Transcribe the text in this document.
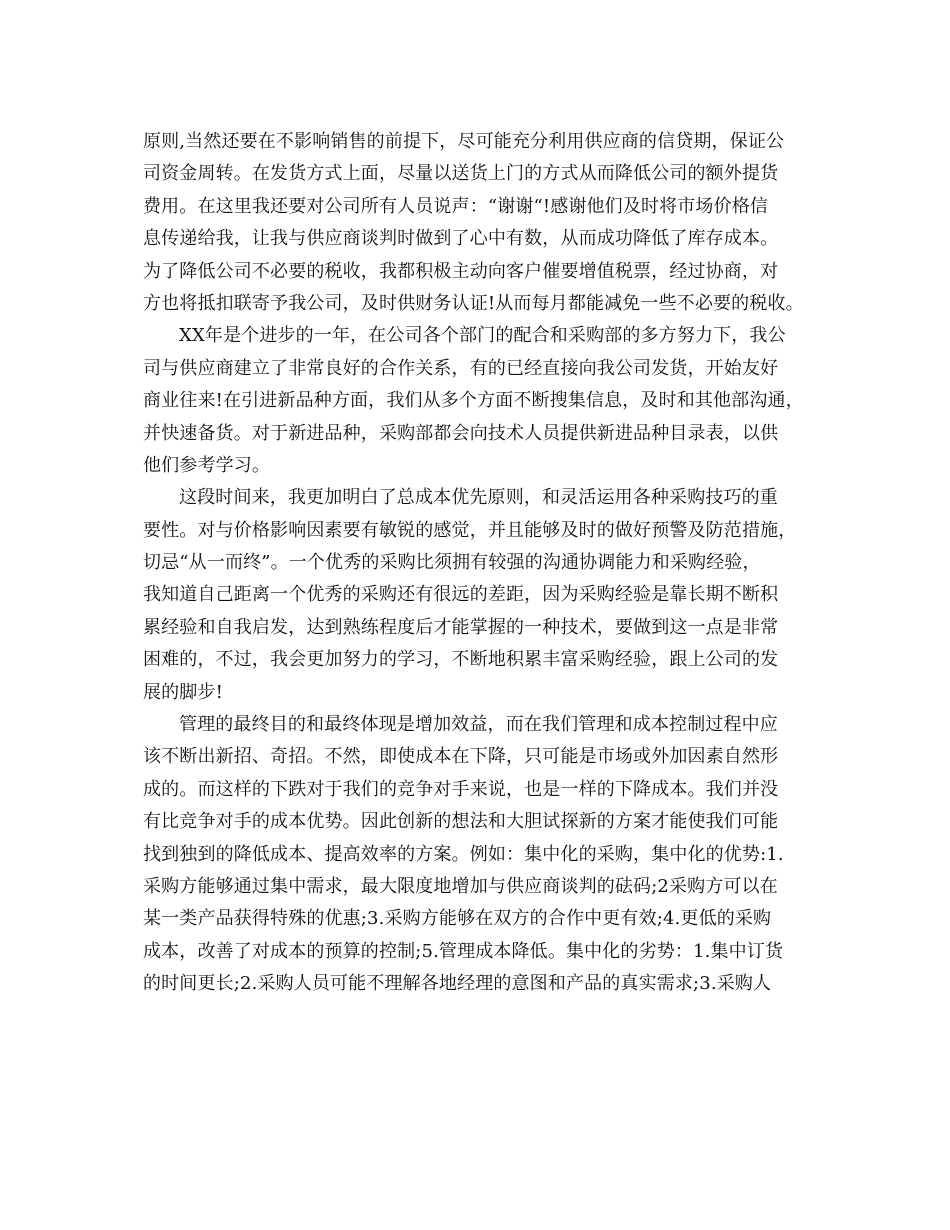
原则,当然还要在不影响销售的前提下，尽可能充分利用供应商的信贷期，保证公
司资金周转。在发货方式上面，尽量以送货上门的方式从而降低公司的额外提货
费用。在这里我还要对公司所有人员说声：“谢谢“!感谢他们及时将市场价格信
息传递给我，让我与供应商谈判时做到了心中有数，从而成功降低了库存成本。
为了降低公司不必要的税收，我都积极主动向客户催要增值税票，经过协商，对
方也将抵扣联寄予我公司，及时供财务认证!从而每月都能减免一些不必要的税收。
XX年是个进步的一年，在公司各个部门的配合和采购部的多方努力下，我公
司与供应商建立了非常良好的合作关系，有的已经直接向我公司发货，开始友好
商业往来!在引进新品种方面，我们从多个方面不断搜集信息，及时和其他部沟通，
并快速备货。对于新进品种，采购部都会向技术人员提供新进品种目录表，以供
他们参考学习。
这段时间来，我更加明白了总成本优先原则，和灵活运用各种采购技巧的重
要性。对与价格影响因素要有敏锐的感觉，并且能够及时的做好预警及防范措施，
切忌“从一而终”。一个优秀的采购比须拥有较强的沟通协调能力和采购经验，
我知道自己距离一个优秀的采购还有很远的差距，因为采购经验是靠长期不断积
累经验和自我启发，达到熟练程度后才能掌握的一种技术，要做到这一点是非常
困难的，不过，我会更加努力的学习，不断地积累丰富采购经验，跟上公司的发
展的脚步!
管理的最终目的和最终体现是增加效益，而在我们管理和成本控制过程中应
该不断出新招、奇招。不然，即使成本在下降，只可能是市场或外加因素自然形
成的。而这样的下跌对于我们的竞争对手来说，也是一样的下降成本。我们并没
有比竞争对手的成本优势。因此创新的想法和大胆试探新的方案才能使我们可能
找到独到的降低成本、提高效率的方案。例如：集中化的采购，集中化的优势:1.
采购方能够通过集中需求，最大限度地增加与供应商谈判的砝码;2采购方可以在
某一类产品获得特殊的优惠;3.采购方能够在双方的合作中更有效;4.更低的采购
成本，改善了对成本的预算的控制;5.管理成本降低。集中化的劣势：1.集中订货
的时间更长;2.采购人员可能不理解各地经理的意图和产品的真实需求;3.采购人
